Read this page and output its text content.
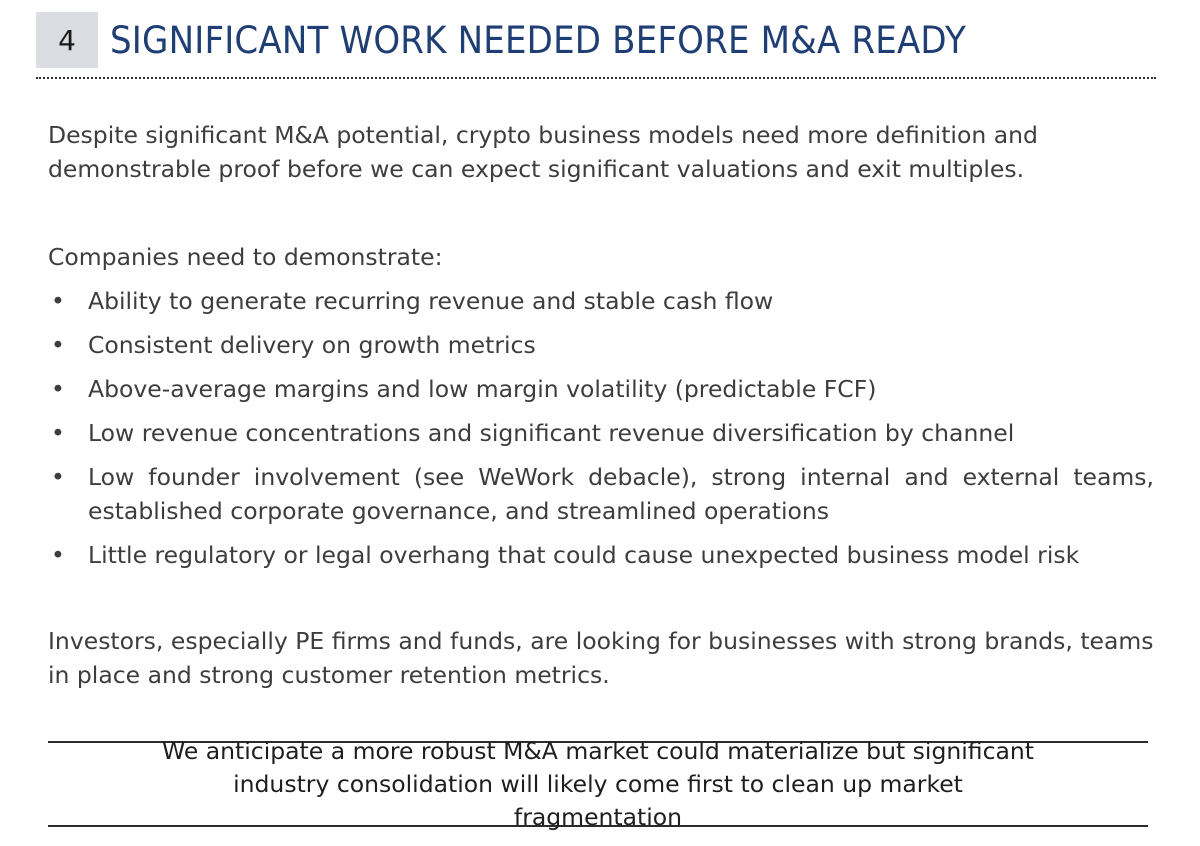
4 SIGNIFICANT WORK NEEDED BEFORE M&A READY
Despite significant M&A potential, crypto business models need more definition and demonstrable proof before we can expect significant valuations and exit multiples.
Companies need to demonstrate:
• Ability to generate recurring revenue and stable cash flow
• Consistent delivery on growth metrics
• Above-average margins and low margin volatility (predictable FCF)
• Low revenue concentrations and significant revenue diversification by channel
• Low founder involvement (see WeWork debacle), strong internal and external teams, established corporate governance, and streamlined operations
• Little regulatory or legal overhang that could cause unexpected business model risk
Investors, especially PE firms and funds, are looking for businesses with strong brands, teams in place and strong customer retention metrics.
We anticipate a more robust M&A market could materialize but significant industry consolidation will likely come first to clean up market fragmentation
